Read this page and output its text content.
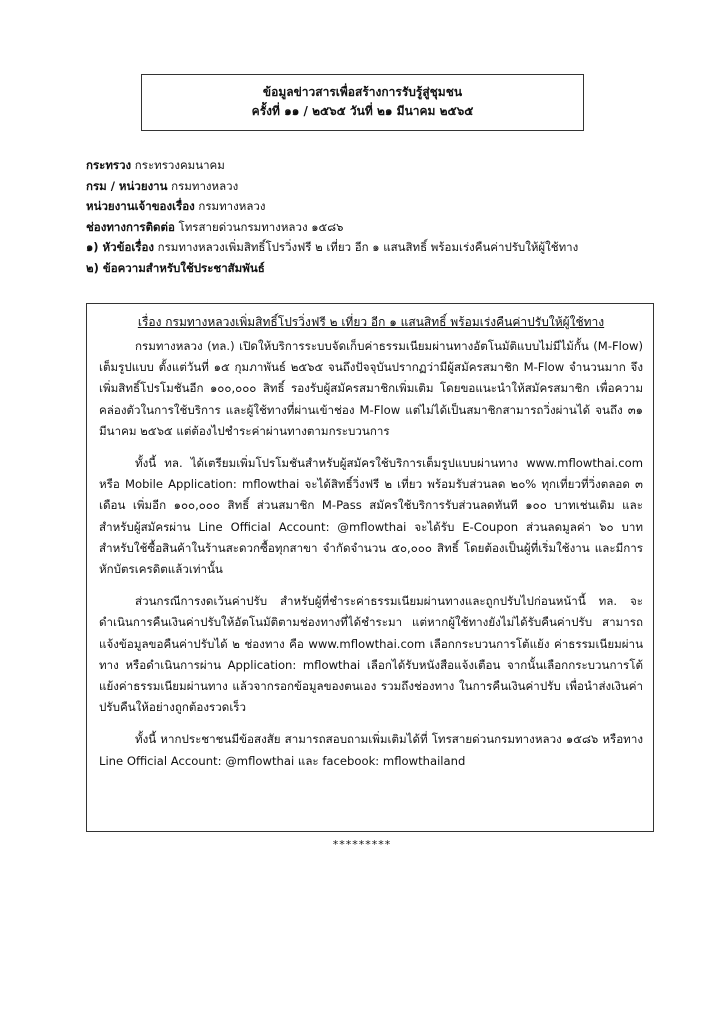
ข้อมูลข่าวสารเพื่อสร้างการรับรู้สู่ชุมชน
ครั้งที่ ๑๑ / ๒๕๖๕ วันที่ ๒๑ มีนาคม ๒๕๖๕
กระทรวง กระทรวงคมนาคม
กรม / หน่วยงาน กรมทางหลวง
หน่วยงานเจ้าของเรื่อง กรมทางหลวง
ช่องทางการติดต่อ โทรสายด่วนกรมทางหลวง ๑๕๘๖
๑) หัวข้อเรื่อง กรมทางหลวงเพิ่มสิทธิ์โปรวิ่งฟรี ๒ เที่ยว อีก ๑ แสนสิทธิ์ พร้อมเร่งคืนค่าปรับให้ผู้ใช้ทาง
๒) ข้อความสำหรับใช้ประชาสัมพันธ์
เรื่อง กรมทางหลวงเพิ่มสิทธิ์โปรวิ่งฟรี ๒ เที่ยว อีก ๑ แสนสิทธิ์ พร้อมเร่งคืนค่าปรับให้ผู้ใช้ทาง

กรมทางหลวง (ทล.) เปิดให้บริการระบบจัดเก็บค่าธรรมเนียมผ่านทางอัตโนมัติแบบไม่มีไม้กั้น (M-Flow) เต็มรูปแบบ ตั้งแต่วันที่ ๑๕ กุมภาพันธ์ ๒๕๖๕ จนถึงปัจจุบันปรากฏว่ามีผู้สมัครสมาชิก M-Flow จำนวนมาก จึงเพิ่มสิทธิ์โปรโมชันอีก ๑๐๐,๐๐๐ สิทธิ์ รองรับผู้สมัครสมาชิกเพิ่มเติม โดยขอแนะนำให้สมัครสมาชิก เพื่อความคล่องตัวในการใช้บริการ และผู้ใช้ทางที่ผ่านเข้าช่อง M-Flow แต่ไม่ได้เป็นสมาชิกสามารถวิ่งผ่านได้ จนถึง ๓๑ มีนาคม ๒๕๖๕ แต่ต้องไปชำระค่าผ่านทางตามกระบวนการ

ทั้งนี้ ทล. ได้เตรียมเพิ่มโปรโมชันสำหรับผู้สมัครใช้บริการเต็มรูปแบบผ่านทาง www.mflowthai.com หรือ Mobile Application: mflowthai จะได้สิทธิ์วิ่งฟรี ๒ เที่ยว พร้อมรับส่วนลด ๒๐% ทุกเที่ยวที่วิ่งตลอด ๓ เดือน เพิ่มอีก ๑๐๐,๐๐๐ สิทธิ์ ส่วนสมาชิก M-Pass สมัครใช้บริการรับส่วนลดทันที ๑๐๐ บาทเช่นเดิม และสำหรับผู้สมัครผ่าน Line Official Account: @mflowthai จะได้รับ E-Coupon ส่วนลดมูลค่า ๖๐ บาท สำหรับใช้ซื้อสินค้าในร้านสะดวกซื้อทุกสาขา จำกัดจำนวน ๕๐,๐๐๐ สิทธิ์ โดยต้องเป็นผู้ที่เริ่มใช้งาน และมีการหักบัตรเครดิตแล้วเท่านั้น

ส่วนกรณีการงดเว้นค่าปรับ สำหรับผู้ที่ชำระค่าธรรมเนียมผ่านทางและถูกปรับไปก่อนหน้านี้ ทล. จะดำเนินการคืนเงินค่าปรับให้อัตโนมัติตามช่องทางที่ได้ชำระมา แต่หากผู้ใช้ทางยังไม่ได้รับคืนค่าปรับ สามารถแจ้งข้อมูลขอคืนค่าปรับได้ ๒ ช่องทาง คือ www.mflowthai.com เลือกกระบวนการโต้แย้ง ค่าธรรมเนียมผ่านทาง หรือดำเนินการผ่าน Application: mflowthai เลือกได้รับหนังสือแจ้งเตือน จากนั้นเลือกกระบวนการโต้แย้งค่าธรรมเนียมผ่านทาง แล้วจากรอกข้อมูลของตนเอง รวมถึงช่องทาง ในการคืนเงินค่าปรับ เพื่อนำส่งเงินค่าปรับคืนให้อย่างถูกต้องรวดเร็ว

ทั้งนี้ หากประชาชนมีข้อสงสัย สามารถสอบถามเพิ่มเติมได้ที่ โทรสายด่วนกรมทางหลวง ๑๕๘๖ หรือทาง Line Official Account: @mflowthai และ facebook: mflowthailand

*********
